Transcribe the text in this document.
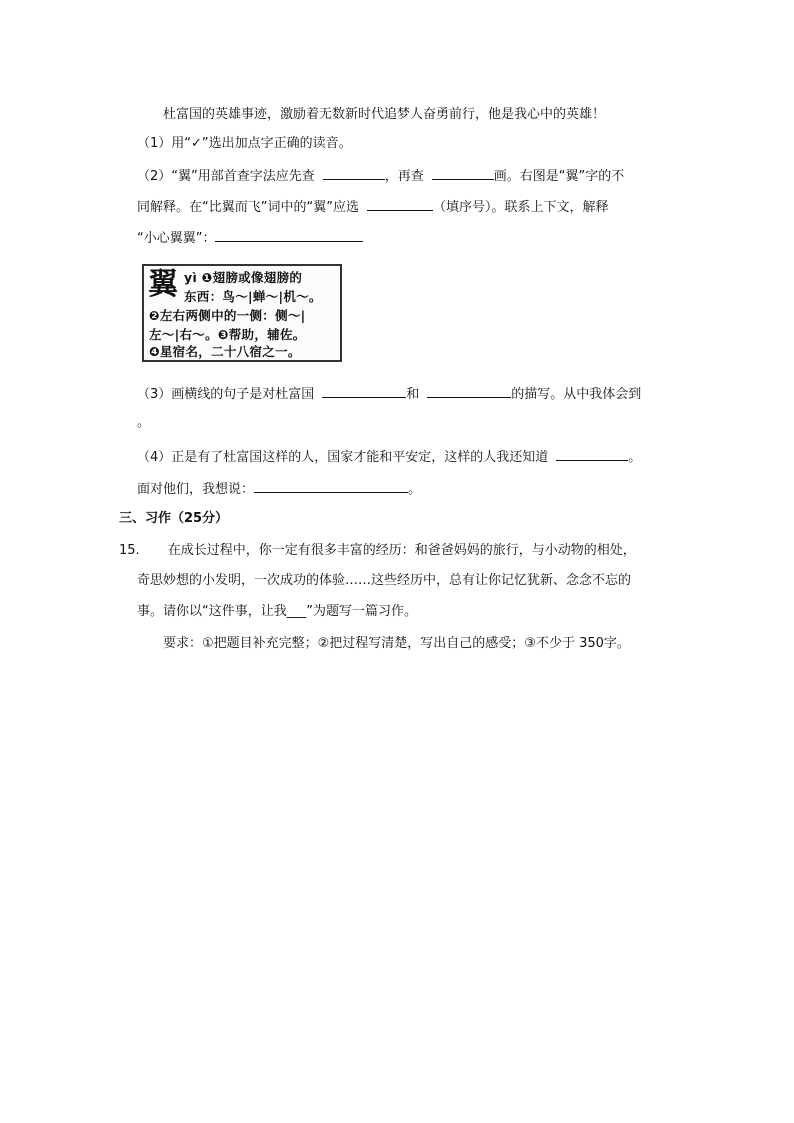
杜富国的英雄事迹，激励着无数新时代追梦人奋勇前行，他是我心中的英雄！
（1）用“✓”选出加点字正确的读音。
（2）“翼”用部首查字法应先查	，再查	画。右图是“翼”字的不
同解释。在“比翼而飞”词中的“翼”应选	（填序号）。联系上下文，解释
“小心翼翼”：
翼 yì ❶翅膀或像翅膀的
东西：鸟～|蝉～|机～。
❷左右两侧中的一侧：侧～|
左～|右～。❸帮助，辅佐。
❹星宿名，二十八宿之一。
（3）画横线的句子是对杜富国	和	的描写。从中我体会到
。
（4）正是有了杜富国这样的人，国家才能和平安定，这样的人我还知道	。
面对他们，我想说：	。
三、习作（25分）
15. 在成长过程中，你一定有很多丰富的经历：和爸爸妈妈的旅行，与小动物的相处，
奇思妙想的小发明，一次成功的体验……这些经历中，总有让你记忆犹新、念念不忘的
事。请你以“这件事，让我___”为题写一篇习作。
要求：①把题目补充完整；②把过程写清楚，写出自己的感受；③不少于 350字。
